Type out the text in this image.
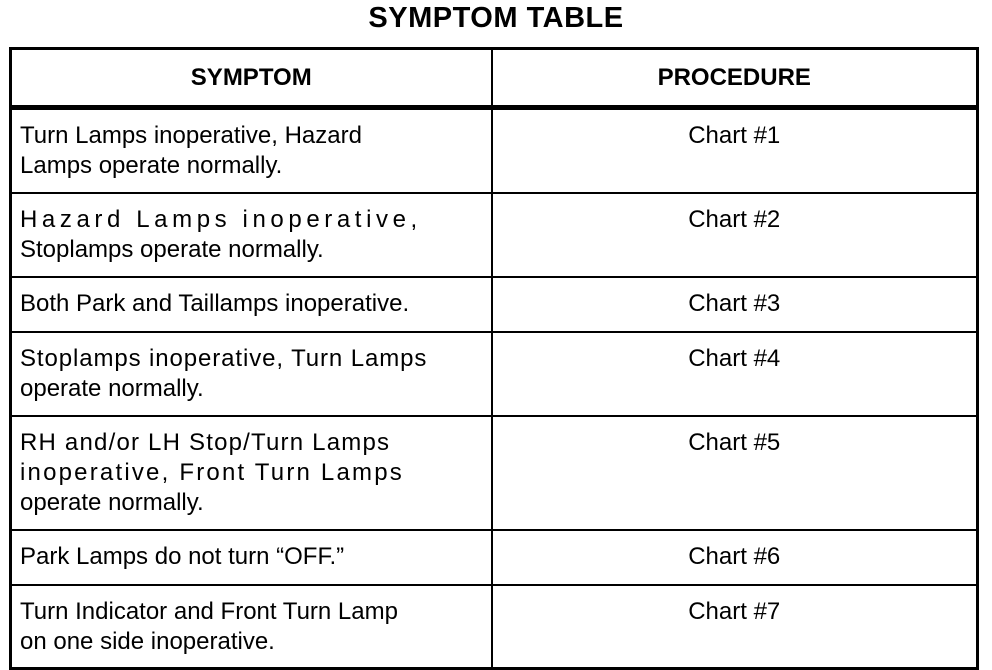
SYMPTOM TABLE
SYMPTOM	PROCEDURE

Turn Lamps inoperative, Hazard
Lamps operate normally.	Chart #1

Hazard Lamps inoperative,
Stoplamps operate normally.	Chart #2

Both Park and Taillamps inoperative.	Chart #3

Stoplamps inoperative, Turn Lamps
operate normally.	Chart #4

RH and/or LH Stop/Turn Lamps
inoperative, Front Turn Lamps
operate normally.	Chart #5

Park Lamps do not turn “OFF.”	Chart #6

Turn Indicator and Front Turn Lamp
on one side inoperative.	Chart #7
